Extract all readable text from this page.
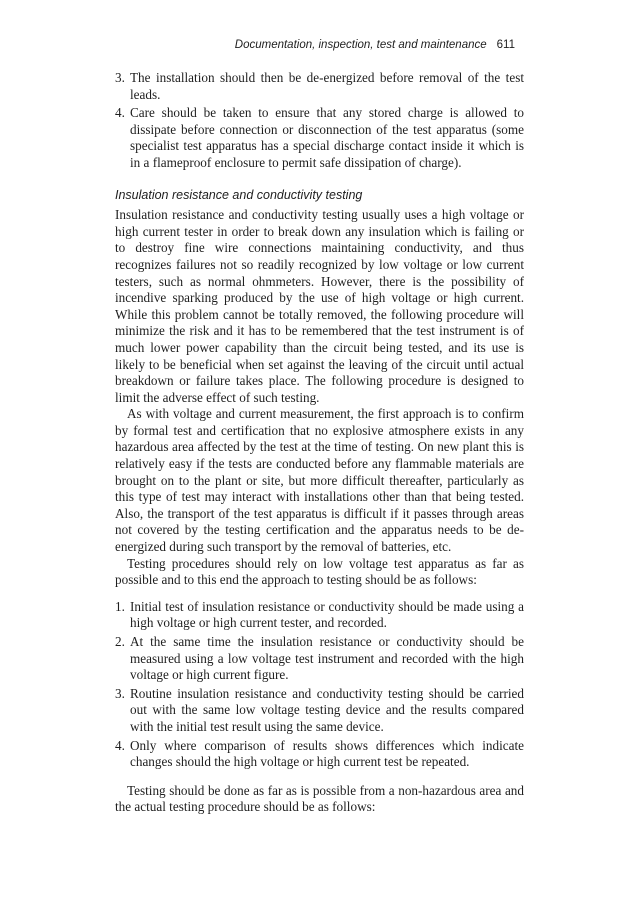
Documentation, inspection, test and maintenance 611
3. The installation should then be de-energized before removal of the test leads.
4. Care should be taken to ensure that any stored charge is allowed to dissipate before connection or disconnection of the test apparatus (some specialist test apparatus has a special discharge contact inside it which is in a flameproof enclosure to permit safe dissipation of charge).
Insulation resistance and conductivity testing

Insulation resistance and conductivity testing usually uses a high voltage or high current tester in order to break down any insulation which is failing or to destroy fine wire connections maintaining conductivity, and thus recognizes failures not so readily recognized by low voltage or low current testers, such as normal ohmmeters. However, there is the possibility of incendive sparking produced by the use of high voltage or high current. While this problem cannot be totally removed, the following procedure will minimize the risk and it has to be remembered that the test instrument is of much lower power capability than the circuit being tested, and its use is likely to be beneficial when set against the leaving of the circuit until actual breakdown or failure takes place. The following procedure is designed to limit the adverse effect of such testing.

As with voltage and current measurement, the first approach is to confirm by formal test and certification that no explosive atmosphere exists in any hazardous area affected by the test at the time of testing. On new plant this is relatively easy if the tests are conducted before any flammable materials are brought on to the plant or site, but more difficult thereafter, particularly as this type of test may interact with installations other than that being tested. Also, the transport of the test apparatus is difficult if it passes through areas not covered by the testing certification and the apparatus needs to be de-energized during such transport by the removal of batteries, etc.

Testing procedures should rely on low voltage test apparatus as far as possible and to this end the approach to testing should be as follows:

1. Initial test of insulation resistance or conductivity should be made using a high voltage or high current tester, and recorded.
2. At the same time the insulation resistance or conductivity should be measured using a low voltage test instrument and recorded with the high voltage or high current figure.
3. Routine insulation resistance and conductivity testing should be carried out with the same low voltage testing device and the results compared with the initial test result using the same device.
4. Only where comparison of results shows differences which indicate changes should the high voltage or high current test be repeated.

Testing should be done as far as is possible from a non-hazardous area and the actual testing procedure should be as follows:
